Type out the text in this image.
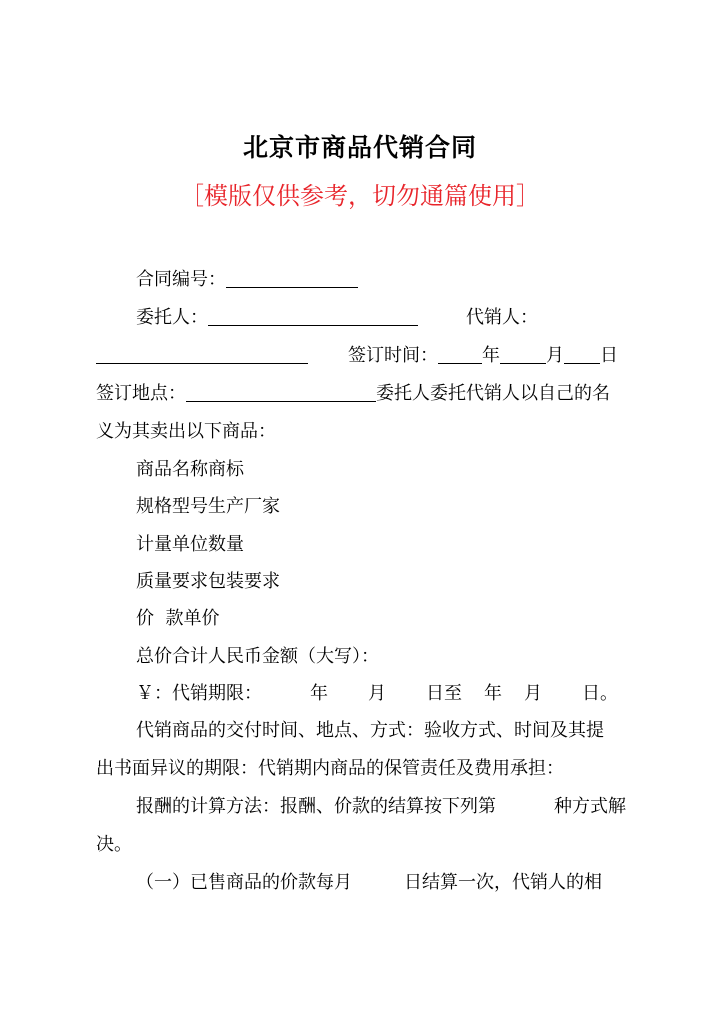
北京市商品代销合同
［模版仅供参考，切勿通篇使用］
合同编号：
委托人：	代销人：
签订时间： 年	月 日
签订地点：	委托人委托代销人以自己的名
义为其卖出以下商品：
商品名称商标
规格型号生产厂家
计量单位数量
质量要求包装要求
价  款单价
总价合计人民币金额（大写）：
￥：代销期限：	年 月 日至 年 月 日。
代销商品的交付时间、地点、方式：验收方式、时间及其提
出书面异议的期限：代销期内商品的保管责任及费用承担：
报酬的计算方法：报酬、价款的结算按下列第	种方式解
决。
（一）已售商品的价款每月	日结算一次，代销人的相
